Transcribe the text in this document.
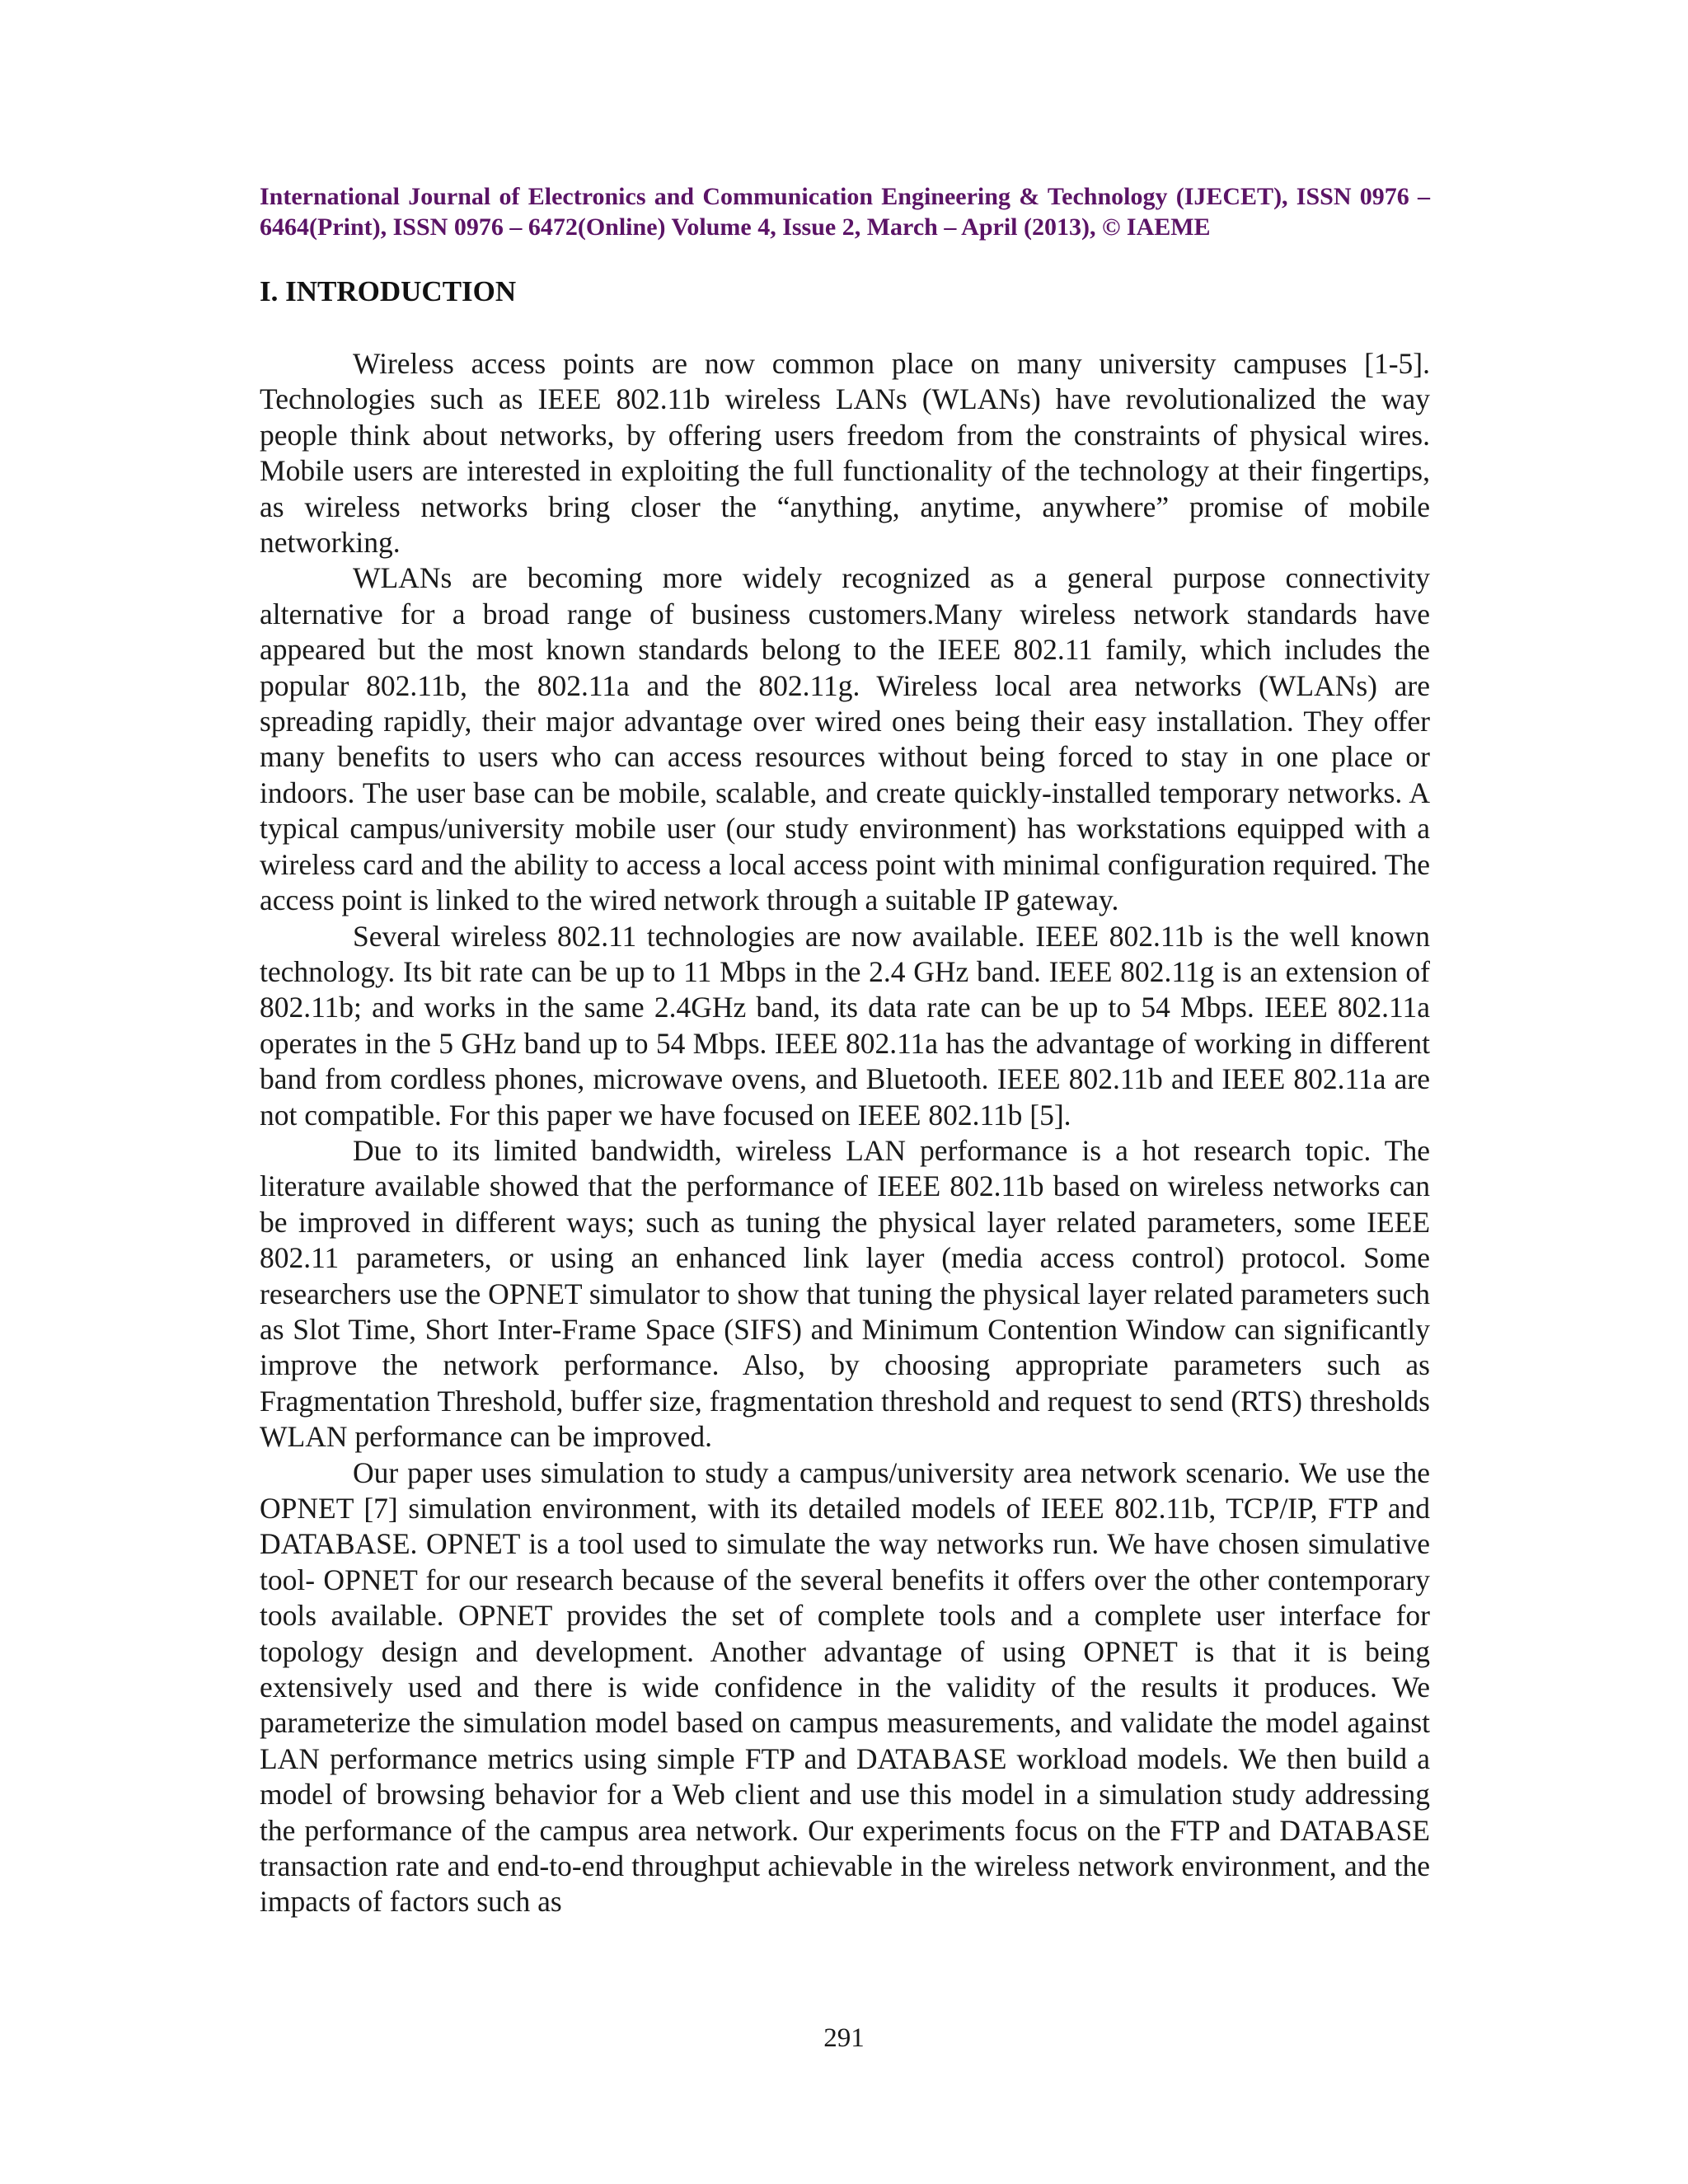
International Journal of Electronics and Communication Engineering & Technology (IJECET), ISSN 0976 – 6464(Print), ISSN 0976 – 6472(Online) Volume 4, Issue 2, March – April (2013), © IAEME

I. INTRODUCTION

Wireless access points are now common place on many university campuses [1-5]. Technologies such as IEEE 802.11b wireless LANs (WLANs) have revolutionalized the way people think about networks, by offering users freedom from the constraints of physical wires. Mobile users are interested in exploiting the full functionality of the technology at their fingertips, as wireless networks bring closer the “anything, anytime, anywhere” promise of mobile networking.

WLANs are becoming more widely recognized as a general purpose connectivity alternative for a broad range of business customers.Many wireless network standards have appeared but the most known standards belong to the IEEE 802.11 family, which includes the popular 802.11b, the 802.11a and the 802.11g. Wireless local area networks (WLANs) are spreading rapidly, their major advantage over wired ones being their easy installation. They offer many benefits to users who can access resources without being forced to stay in one place or indoors. The user base can be mobile, scalable, and create quickly-installed temporary networks. A typical campus/university mobile user (our study environment) has workstations equipped with a wireless card and the ability to access a local access point with minimal configuration required. The access point is linked to the wired network through a suitable IP gateway.

Several wireless 802.11 technologies are now available. IEEE 802.11b is the well known technology. Its bit rate can be up to 11 Mbps in the 2.4 GHz band. IEEE 802.11g is an extension of 802.11b; and works in the same 2.4GHz band, its data rate can be up to 54 Mbps. IEEE 802.11a operates in the 5 GHz band up to 54 Mbps. IEEE 802.11a has the advantage of working in different band from cordless phones, microwave ovens, and Bluetooth. IEEE 802.11b and IEEE 802.11a are not compatible. For this paper we have focused on IEEE 802.11b [5].

Due to its limited bandwidth, wireless LAN performance is a hot research topic. The literature available showed that the performance of IEEE 802.11b based on wireless networks can be improved in different ways; such as tuning the physical layer related parameters, some IEEE 802.11 parameters, or using an enhanced link layer (media access control) protocol. Some researchers use the OPNET simulator to show that tuning the physical layer related parameters such as Slot Time, Short Inter-Frame Space (SIFS) and Minimum Contention Window can significantly improve the network performance. Also, by choosing appropriate parameters such as Fragmentation Threshold, buffer size, fragmentation threshold and request to send (RTS) thresholds WLAN performance can be improved.

Our paper uses simulation to study a campus/university area network scenario. We use the OPNET [7] simulation environment, with its detailed models of IEEE 802.11b, TCP/IP, FTP and DATABASE. OPNET is a tool used to simulate the way networks run. We have chosen simulative tool- OPNET for our research because of the several benefits it offers over the other contemporary tools available. OPNET provides the set of complete tools and a complete user interface for topology design and development. Another advantage of using OPNET is that it is being extensively used and there is wide confidence in the validity of the results it produces. We parameterize the simulation model based on campus measurements, and validate the model against LAN performance metrics using simple FTP and DATABASE workload models. We then build a model of browsing behavior for a Web client and use this model in a simulation study addressing the performance of the campus area network. Our experiments focus on the FTP and DATABASE transaction rate and end-to-end throughput achievable in the wireless network environment, and the impacts of factors such as

291
